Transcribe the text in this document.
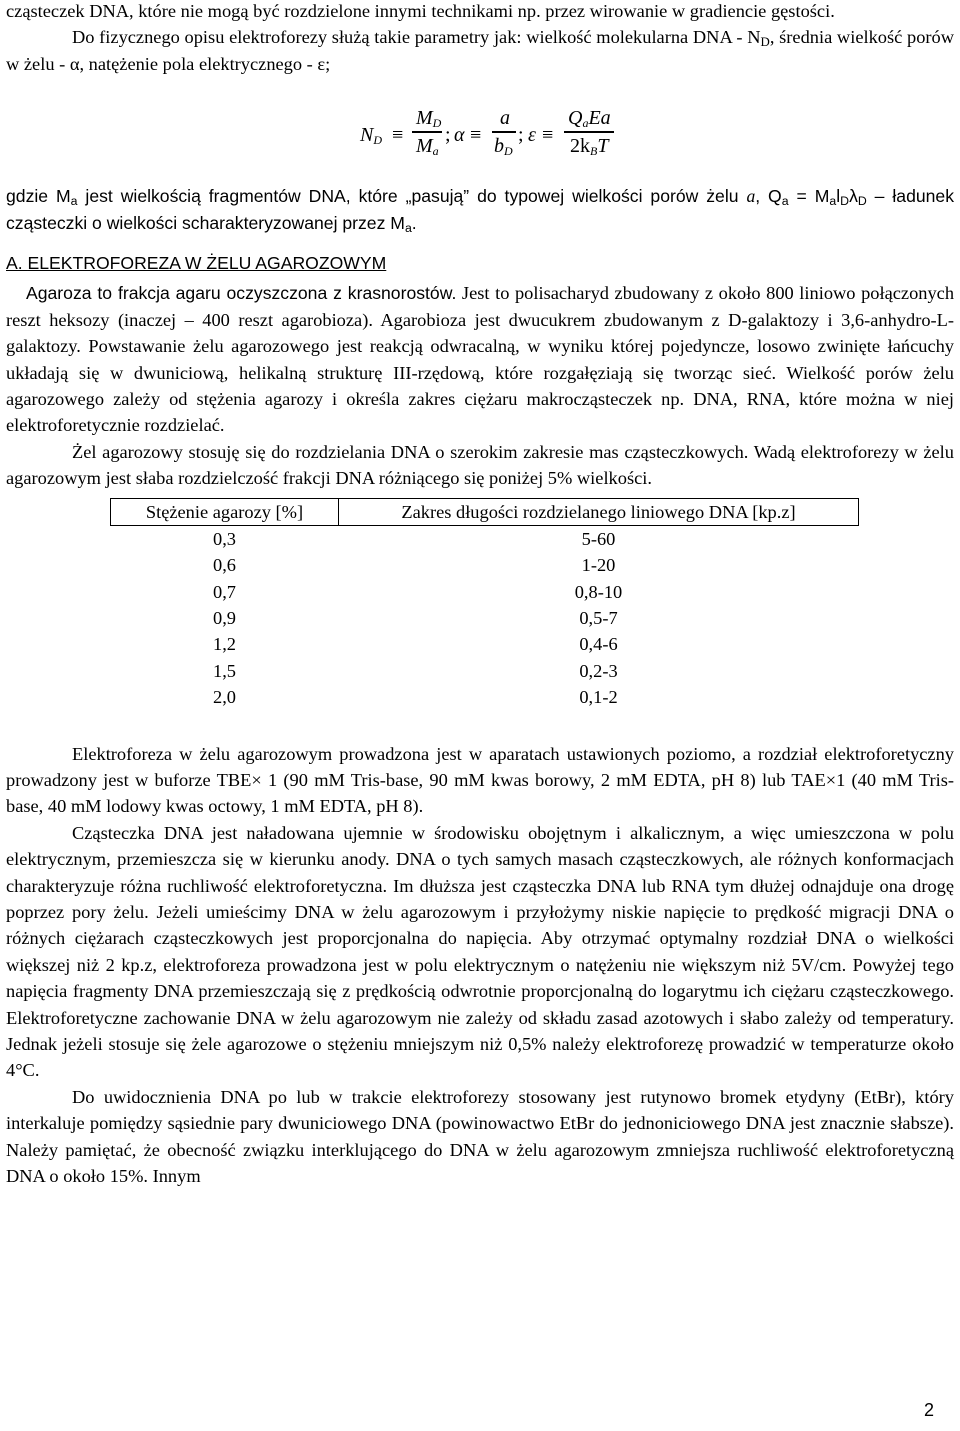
cząsteczek DNA, które nie mogą być rozdzielone innymi technikami np. przez wirowanie w gradiencie gęstości.

Do fizycznego opisu elektroforezy służą takie parametry jak: wielkość molekularna DNA - $N_D$, średnia wielkość porów w żelu - α, natężenie pola elektrycznego - ε;

$N_D$ ≡
$M_D$
$M_a$
; α ≡
a
$b_D$
; ε ≡
$Q_aEa$
$2k_BT$

gdzie $M_a$ jest wielkością fragmentów DNA, które „pasują” do typowej wielkości porów żelu a, $Q_a = M_al_D\lambda_D$ – ładunek cząsteczki o wielkości scharakteryzowanej przez $M_a$.

A. ELEKTROFOREZA W ŻELU AGAROZOWYM

Agaroza to frakcja agaru oczyszczona z krasnorostów. Jest to polisacharyd zbudowany z około 800 liniowo połączonych reszt heksozy (inaczej – 400 reszt agarobioza). Agarobioza jest dwucukrem zbudowanym z D-galaktozy i 3,6-anhydro-L-galaktozy. Powstawanie żelu agarozowego jest reakcją odwracalną, w wyniku której pojedyncze, losowo zwinięte łańcuchy układają się w dwuniciową, helikalną strukturę III-rzędową, które rozgałęziają się tworząc sieć. Wielkość porów żelu agarozowego zależy od stężenia agarozy i określa zakres ciężaru makrocząsteczek np. DNA, RNA, które można w niej elektroforetycznie rozdzielać.

Żel agarozowy stosuję się do rozdzielania DNA o szerokim zakresie mas cząsteczkowych. Wadą elektroforezy w żelu agarozowym jest słaba rozdzielczość frakcji DNA różniącego się poniżej 5% wielkości.

Stężenie agarozy [%]	Zakres długości rozdzielanego liniowego DNA [kp.z]
0,3	5-60
0,6	1-20
0,7	0,8-10
0,9	0,5-7
1,2	0,4-6
1,5	0,2-3
2,0	0,1-2

Elektroforeza w żelu agarozowym prowadzona jest w aparatach ustawionych poziomo, a rozdział elektroforetyczny prowadzony jest w buforze TBE× 1 (90 mM Tris-base, 90 mM kwas borowy, 2 mM EDTA, pH 8) lub TAE×1 (40 mM Tris-base, 40 mM lodowy kwas octowy, 1 mM EDTA, pH 8).

Cząsteczka DNA jest naładowana ujemnie w środowisku obojętnym i alkalicznym, a więc umieszczona w polu elektrycznym, przemieszcza się w kierunku anody. DNA o tych samych masach cząsteczkowych, ale różnych konformacjach charakteryzuje różna ruchliwość elektroforetyczna. Im dłuższa jest cząsteczka DNA lub RNA tym dłużej odnajduje ona drogę poprzez pory żelu. Jeżeli umieścimy DNA w żelu agarozowym i przyłożymy niskie napięcie to prędkość migracji DNA o różnych ciężarach cząsteczkowych jest proporcjonalna do napięcia. Aby otrzymać optymalny rozdział DNA o wielkości większej niż 2 kp.z, elektroforeza prowadzona jest w polu elektrycznym o natężeniu nie większym niż 5V/cm. Powyżej tego napięcia fragmenty DNA przemieszczają się z prędkością odwrotnie proporcjonalną do logarytmu ich ciężaru cząsteczkowego. Elektroforetyczne zachowanie DNA w żelu agarozowym nie zależy od składu zasad azotowych i słabo zależy od temperatury. Jednak jeżeli stosuje się żele agarozowe o stężeniu mniejszym niż 0,5% należy elektroforezę prowadzić w temperaturze około 4°C.

Do uwidocznienia DNA po lub w trakcie elektroforezy stosowany jest rutynowo bromek etydyny (EtBr), który interkaluje pomiędzy sąsiednie pary dwuniciowego DNA (powinowactwo EtBr do jednoniciowego DNA jest znacznie słabsze). Należy pamiętać, że obecność związku interklującego do DNA w żelu agarozowym zmniejsza ruchliwość elektroforetyczną DNA o około 15%. Innym

2
